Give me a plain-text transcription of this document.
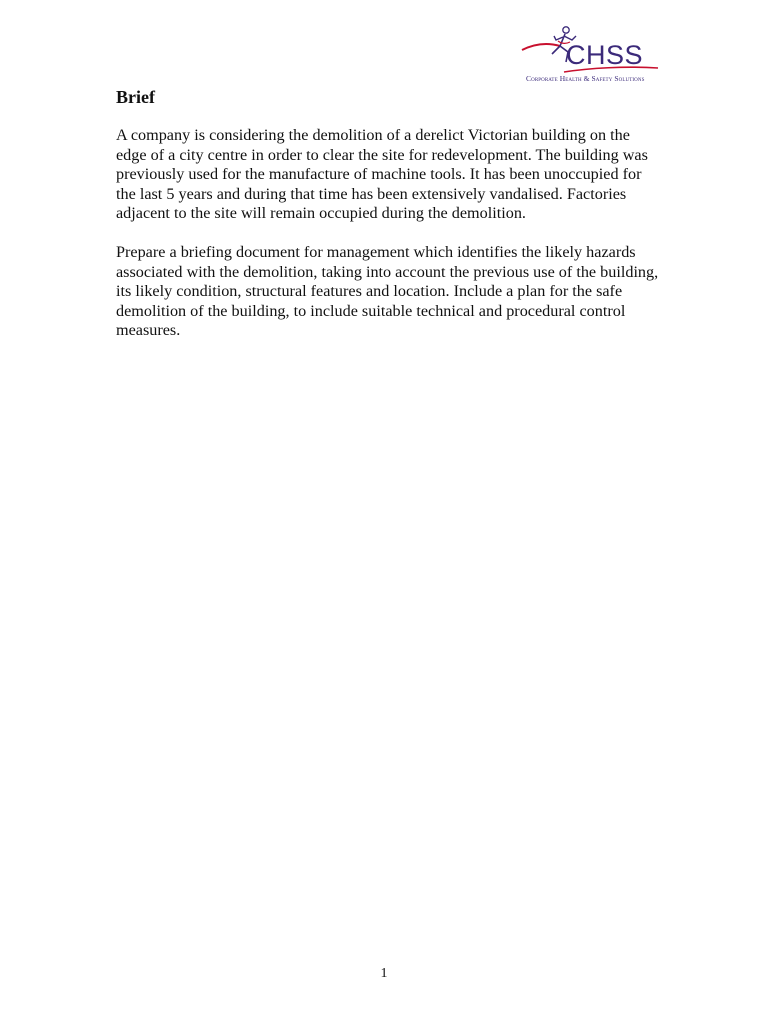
CHSS
Corporate Health & Safety Solutions
Brief

A company is considering the demolition of a derelict Victorian building on the edge of a city centre in order to clear the site for redevelopment. The building was previously used for the manufacture of machine tools. It has been unoccupied for the last 5 years and during that time has been extensively vandalised. Factories adjacent to the site will remain occupied during the demolition.

Prepare a briefing document for management which identifies the likely hazards associated with the demolition, taking into account the previous use of the building, its likely condition, structural features and location. Include a plan for the safe demolition of the building, to include suitable technical and procedural control measures.

1
